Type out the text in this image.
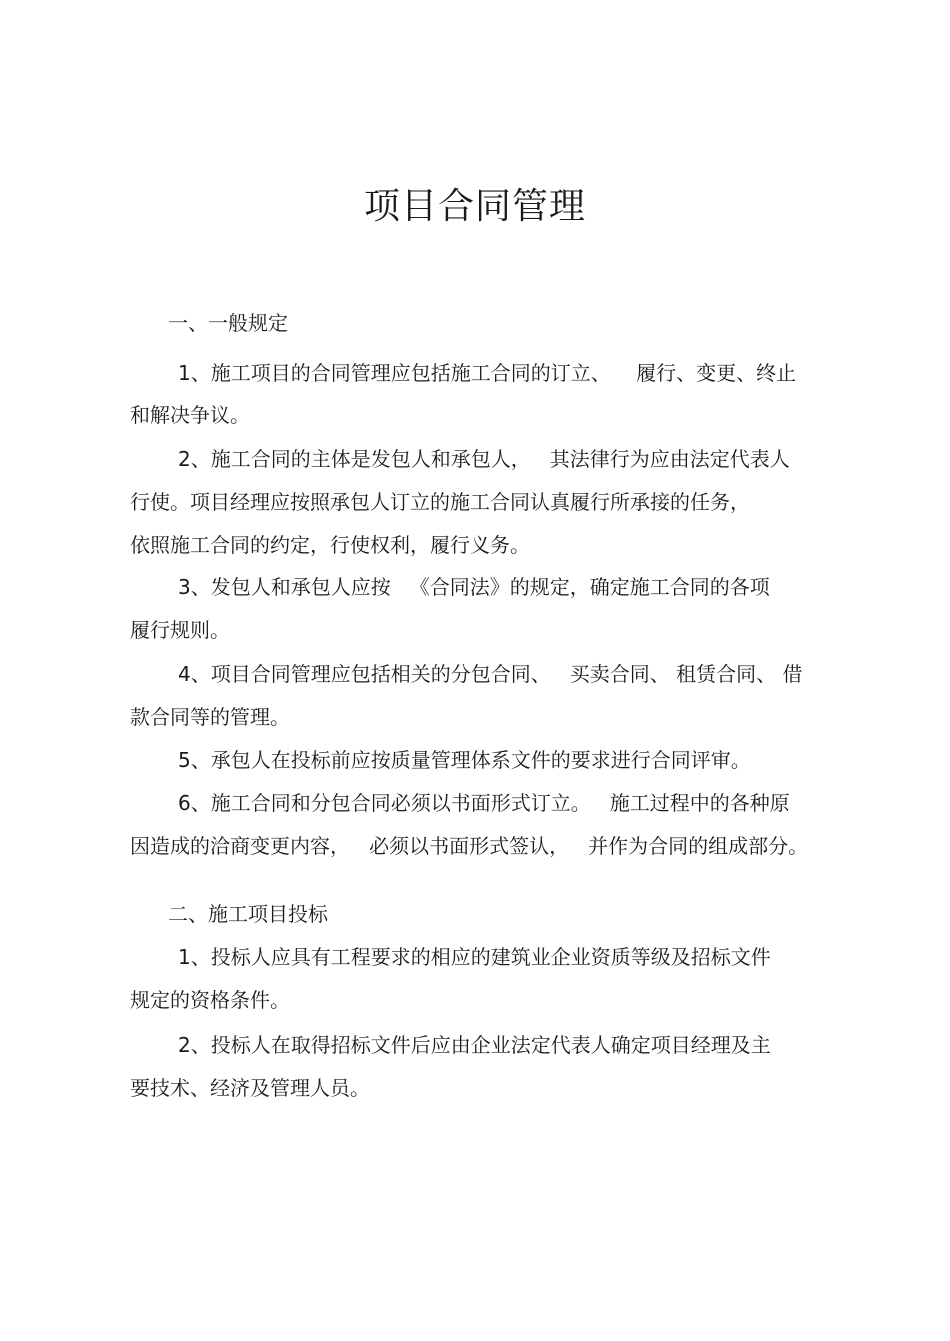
项目合同管理
一、一般规定
1、施工项目的合同管理应包括施工合同的订立、    履行、变更、终止
和解决争议。
2、施工合同的主体是发包人和承包人，   其法律行为应由法定代表人
行使。项目经理应按照承包人订立的施工合同认真履行所承接的任务，
依照施工合同的约定，行使权利，履行义务。
3、发包人和承包人应按   《合同法》的规定，确定施工合同的各项
履行规则。
4、项目合同管理应包括相关的分包合同、   买卖合同、 租赁合同、 借
款合同等的管理。
5、承包人在投标前应按质量管理体系文件的要求进行合同评审。
6、施工合同和分包合同必须以书面形式订立。   施工过程中的各种原
因造成的洽商变更内容，   必须以书面形式签认，   并作为合同的组成部分。
二、施工项目投标
1、投标人应具有工程要求的相应的建筑业企业资质等级及招标文件
规定的资格条件。
2、投标人在取得招标文件后应由企业法定代表人确定项目经理及主
要技术、经济及管理人员。
